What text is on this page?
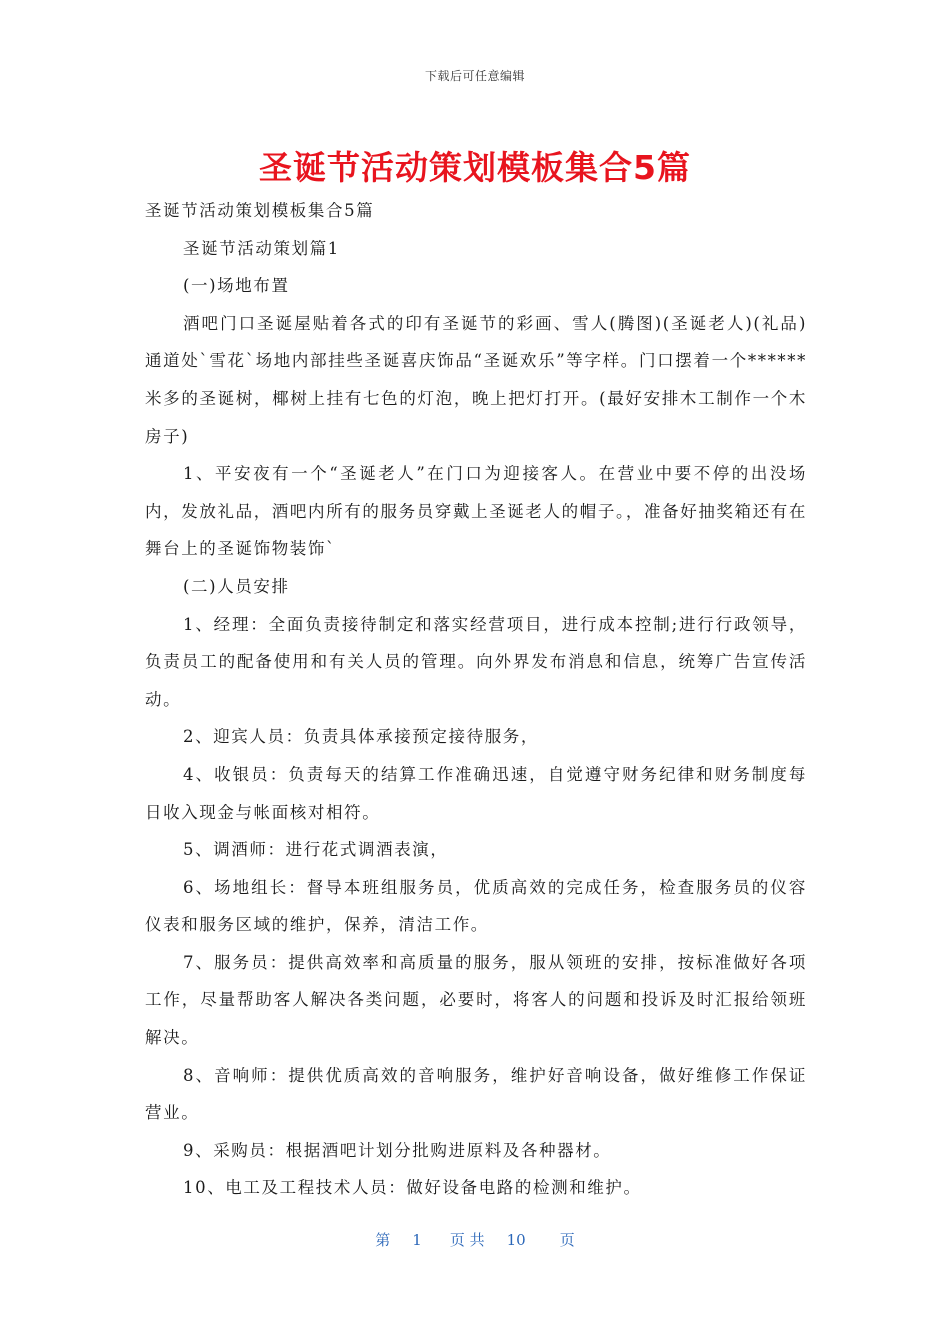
下载后可任意编辑
圣诞节活动策划模板集合5篇

圣诞节活动策划模板集合5篇

圣诞节活动策划篇1

(一)场地布置

酒吧门口圣诞屋贴着各式的印有圣诞节的彩画、雪人(腾图)(圣诞老人)(礼品)通道处`雪花`场地内部挂些圣诞喜庆饰品“圣诞欢乐”等字样。门口摆着一个******米多的圣诞树，椰树上挂有七色的灯泡，晚上把灯打开。(最好安排木工制作一个木房子)

1、平安夜有一个“圣诞老人”在门口为迎接客人。在营业中要不停的出没场内，发放礼品，酒吧内所有的服务员穿戴上圣诞老人的帽子。，准备好抽奖箱还有在舞台上的圣诞饰物装饰`

(二)人员安排

1、经理：全面负责接待制定和落实经营项目，进行成本控制;进行行政领导，负责员工的配备使用和有关人员的管理。向外界发布消息和信息，统筹广告宣传活动。

2、迎宾人员：负责具体承接预定接待服务，

4、收银员：负责每天的结算工作准确迅速，自觉遵守财务纪律和财务制度每日收入现金与帐面核对相符。

5、调酒师：进行花式调酒表演，

6、场地组长：督导本班组服务员，优质高效的完成任务，检查服务员的仪容仪表和服务区域的维护，保养，清洁工作。

7、服务员：提供高效率和高质量的服务，服从领班的安排，按标准做好各项工作，尽量帮助客人解决各类问题，必要时，将客人的问题和投诉及时汇报给领班解决。

8、音响师：提供优质高效的音响服务，维护好音响设备，做好维修工作保证营业。

9、采购员：根据酒吧计划分批购进原料及各种器材。

10、电工及工程技术人员：做好设备电路的检测和维护。

第 1 页 共 10 页
